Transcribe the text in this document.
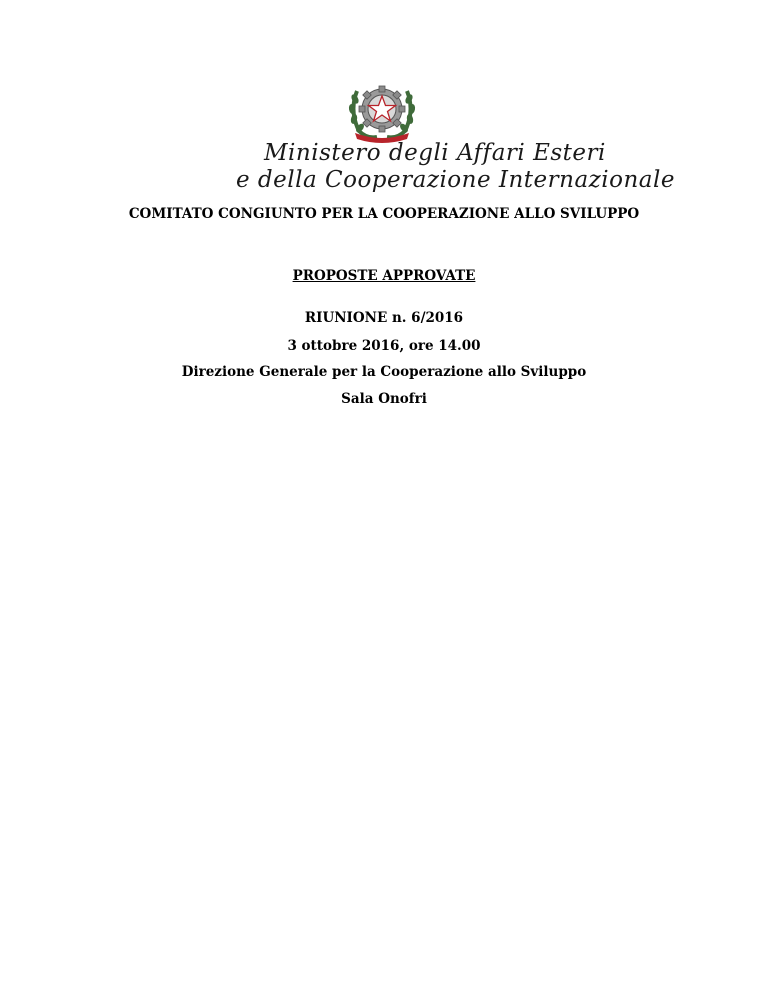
Ministero degli Affari Esteri
e della Cooperazione Internazionale
COMITATO CONGIUNTO PER LA COOPERAZIONE ALLO SVILUPPO
PROPOSTE APPROVATE
RIUNIONE n. 6/2016
3 ottobre 2016, ore 14.00
Direzione Generale per la Cooperazione allo Sviluppo
Sala Onofri
